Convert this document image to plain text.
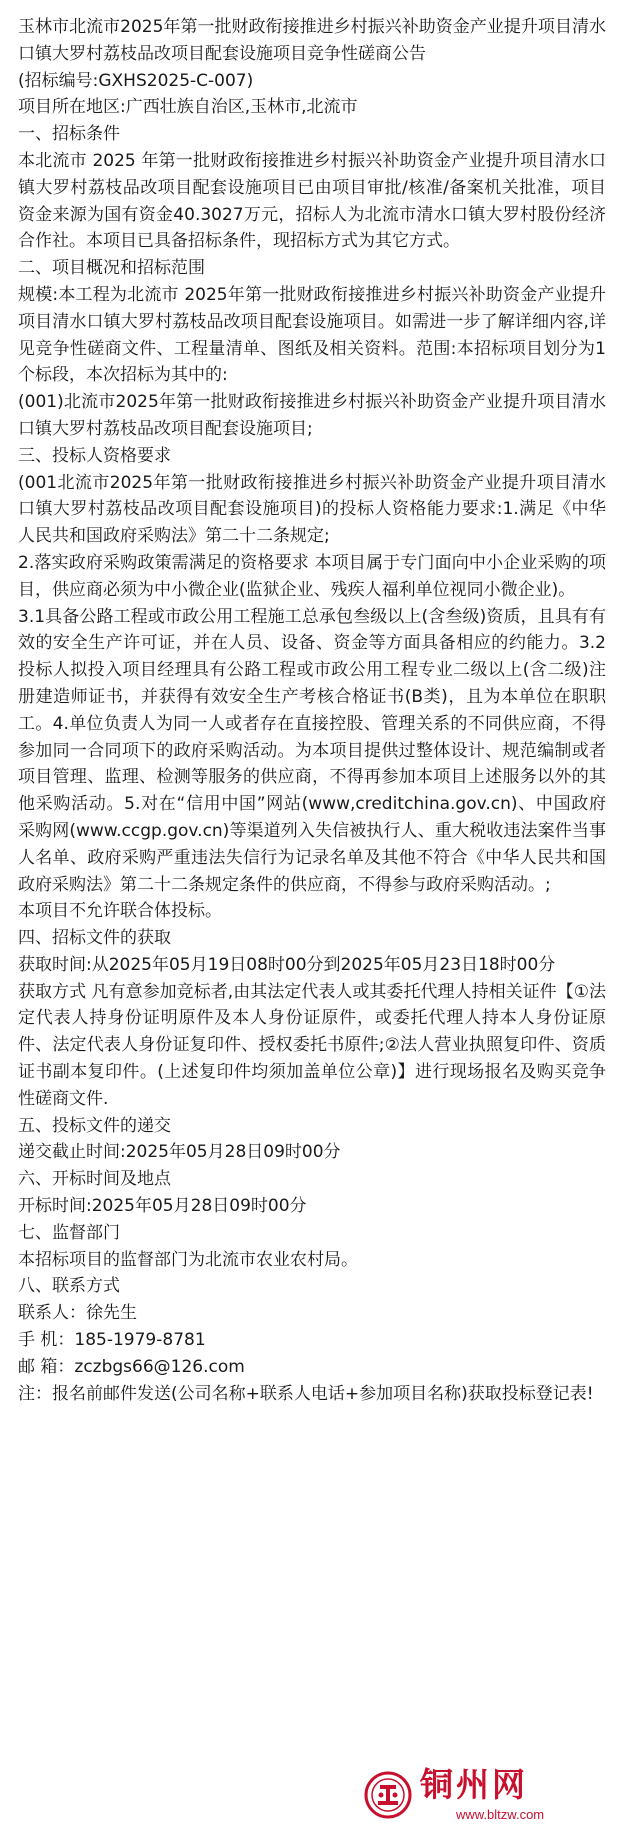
玉林市北流市2025年第一批财政衔接推进乡村振兴补助资金产业提升项目清水口镇大罗村荔枝品改项目配套设施项目竞争性磋商公告

(招标编号:GXHS2025-C-007)

项目所在地区:广西壮族自治区,玉林市,北流市

一、招标条件

本北流市 2025 年第一批财政衔接推进乡村振兴补助资金产业提升项目清水口镇大罗村荔枝品改项目配套设施项目已由项目审批/核准/备案机关批准，项目资金来源为国有资金40.3027万元，招标人为北流市清水口镇大罗村股份经济合作社。本项目已具备招标条件，现招标方式为其它方式。

二、项目概况和招标范围

规模:本工程为北流市 2025年第一批财政衔接推进乡村振兴补助资金产业提升项目清水口镇大罗村荔枝品改项目配套设施项目。如需进一步了解详细内容,详见竞争性磋商文件、工程量清单、图纸及相关资料。范围:本招标项目划分为1个标段，本次招标为其中的:

(001)北流市2025年第一批财政衔接推进乡村振兴补助资金产业提升项目清水口镇大罗村荔枝品改项目配套设施项目;

三、投标人资格要求

(001北流市2025年第一批财政衔接推进乡村振兴补助资金产业提升项目清水口镇大罗村荔枝品改项目配套设施项目)的投标人资格能力要求:1.满足《中华人民共和国政府采购法》第二十二条规定;

2.落实政府采购政策需满足的资格要求 本项目属于专门面向中小企业采购的项目，供应商必须为中小微企业(监狱企业、残疾人福利单位视同小微企业)。

3.1具备公路工程或市政公用工程施工总承包叁级以上(含叁级)资质，且具有有效的安全生产许可证，并在人员、设备、资金等方面具备相应的约能力。3.2投标人拟投入项目经理具有公路工程或市政公用工程专业二级以上(含二级)注册建造师证书，并获得有效安全生产考核合格证书(B类)，且为本单位在职职工。4.单位负责人为同一人或者存在直接控股、管理关系的不同供应商，不得参加同一合同项下的政府采购活动。为本项目提供过整体设计、规范编制或者项目管理、监理、检测等服务的供应商，不得再参加本项目上述服务以外的其他采购活动。5.对在“信用中国”网站(www,creditchina.gov.cn)、中国政府采购网(www.ccgp.gov.cn)等渠道列入失信被执行人、重大税收违法案件当事人名单、政府采购严重违法失信行为记录名单及其他不符合《中华人民共和国政府采购法》第二十二条规定条件的供应商，不得参与政府采购活动。;

本项目不允许联合体投标。

四、招标文件的获取

获取时间:从2025年05月19日08时00分到2025年05月23日18时00分

获取方式 凡有意参加竞标者,由其法定代表人或其委托代理人持相关证件【①法定代表人持身份证明原件及本人身份证原件，或委托代理人持本人身份证原件、法定代表人身份证复印件、授权委托书原件;②法人营业执照复印件、资质证书副本复印件。(上述复印件均须加盖单位公章)】进行现场报名及购买竞争性磋商文件.

五、投标文件的递交

递交截止时间:2025年05月28日09时00分

六、开标时间及地点

开标时间:2025年05月28日09时00分

七、监督部门

本招标项目的监督部门为北流市农业农村局。

八、联系方式

联系人：徐先生

手 机：185-1979-8781

邮 箱：zczbgs66@126.com

注：报名前邮件发送(公司名称+联系人电话+参加项目名称)获取投标登记表!

铜州网
www.bltzw.com
